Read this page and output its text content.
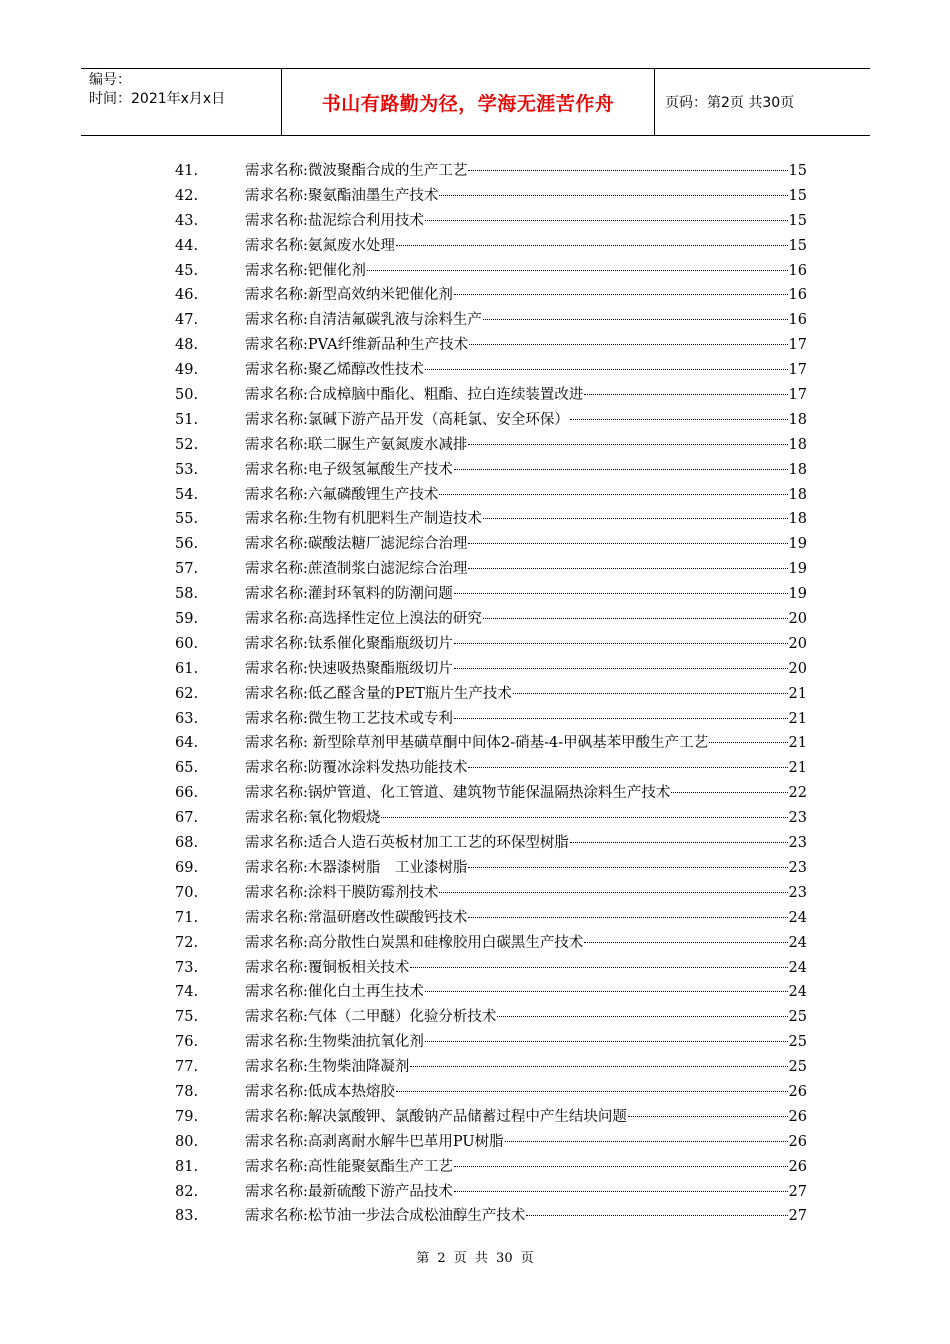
编号：
时间：2021年x月x日	书山有路勤为径，学海无涯苦作舟	页码：第2页 共30页
41.	需求名称:微波聚酯合成的生产工艺	15
42.	需求名称:聚氨酯油墨生产技术	15
43.	需求名称:盐泥综合利用技术	15
44.	需求名称:氨氮废水处理	15
45.	需求名称:钯催化剂	16
46.	需求名称:新型高效纳米钯催化剂	16
47.	需求名称:自清洁氟碳乳液与涂料生产	16
48.	需求名称:PVA纤维新品种生产技术	17
49.	需求名称:聚乙烯醇改性技术	17
50.	需求名称:合成樟脑中酯化、粗酯、拉白连续装置改进	17
51.	需求名称:氯碱下游产品开发（高耗氯、安全环保）	18
52.	需求名称:联二脲生产氨氮废水减排	18
53.	需求名称:电子级氢氟酸生产技术	18
54.	需求名称:六氟磷酸锂生产技术	18
55.	需求名称:生物有机肥料生产制造技术	18
56.	需求名称:碳酸法糖厂滤泥综合治理	19
57.	需求名称:蔗渣制浆白滤泥综合治理	19
58.	需求名称:灌封环氧料的防潮问题	19
59.	需求名称:高选择性定位上溴法的研究	20
60.	需求名称:钛系催化聚酯瓶级切片	20
61.	需求名称:快速吸热聚酯瓶级切片	20
62.	需求名称:低乙醛含量的PET瓶片生产技术	21
63.	需求名称:微生物工艺技术或专利	21
64.	需求名称: 新型除草剂甲基磺草酮中间体2-硝基-4-甲砜基苯甲酸生产工艺	21
65.	需求名称:防覆冰涂料发热功能技术	21
66.	需求名称:锅炉管道、化工管道、建筑物节能保温隔热涂料生产技术	22
67.	需求名称:氧化物煅烧	23
68.	需求名称:适合人造石英板材加工工艺的环保型树脂	23
69.	需求名称:木器漆树脂　工业漆树脂	23
70.	需求名称:涂料干膜防霉剂技术	23
71.	需求名称:常温研磨改性碳酸钙技术	24
72.	需求名称:高分散性白炭黑和硅橡胶用白碳黑生产技术	24
73.	需求名称:覆铜板相关技术	24
74.	需求名称:催化白土再生技术	24
75.	需求名称:气体（二甲醚）化验分析技术	25
76.	需求名称:生物柴油抗氧化剂	25
77.	需求名称:生物柴油降凝剂	25
78.	需求名称:低成本热熔胶	26
79.	需求名称:解决氯酸钾、氯酸钠产品储蓄过程中产生结块问题	26
80.	需求名称:高剥离耐水解牛巴革用PU树脂	26
81.	需求名称:高性能聚氨酯生产工艺	26
82.	需求名称:最新硫酸下游产品技术	27
83.	需求名称:松节油一步法合成松油醇生产技术	27
第 2 页 共 30 页
